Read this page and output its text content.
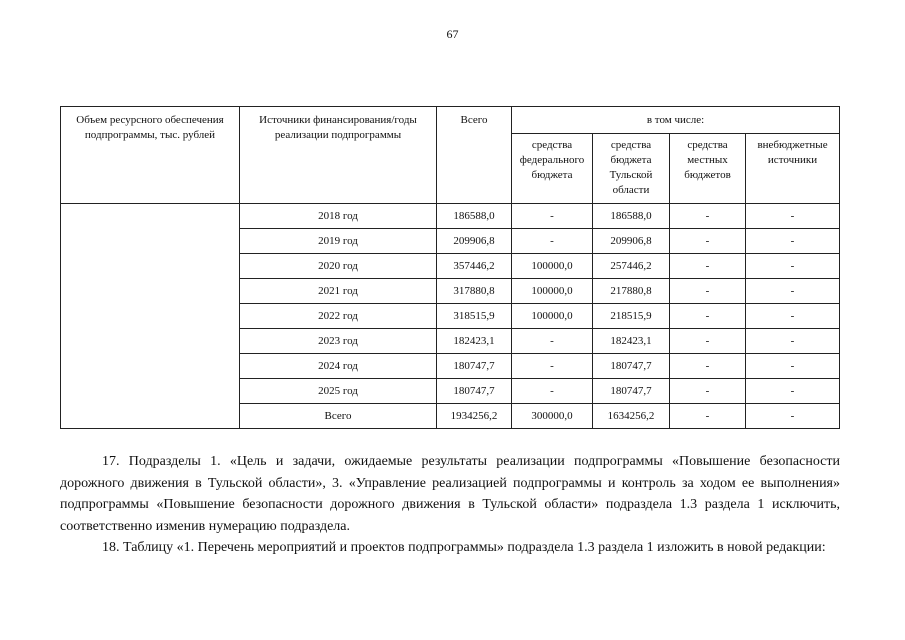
67
Объем ресурсного обеспечения подпрограммы, тыс. рублей	Источники финансирования/годы реализации подпрограммы	Всего	в том числе:			
			средства федерального бюджета	средства бюджета Тульской области	средства местных бюджетов	внебюджетные источники
	2018 год	186588,0	-	186588,0	-	-
	2019 год	209906,8	-	209906,8	-	-
	2020 год	357446,2	100000,0	257446,2	-	-
	2021 год	317880,8	100000,0	217880,8	-	-
	2022 год	318515,9	100000,0	218515,9	-	-
	2023 год	182423,1	-	182423,1	-	-
	2024 год	180747,7	-	180747,7	-	-
	2025 год	180747,7	-	180747,7	-	-
	Всего	1934256,2	300000,0	1634256,2	-	-

17. Подразделы 1. «Цель и задачи, ожидаемые результаты реализации подпрограммы «Повышение безопасности дорожного движения в Тульской области», 3. «Управление реализацией подпрограммы и контроль за ходом ее выполнения» подпрограммы «Повышение безопасности дорожного движения в Тульской области» подраздела 1.3 раздела 1 исключить, соответственно изменив нумерацию подраздела.

18. Таблицу «1. Перечень мероприятий и проектов подпрограммы» подраздела 1.3 раздела 1 изложить в новой редакции:
